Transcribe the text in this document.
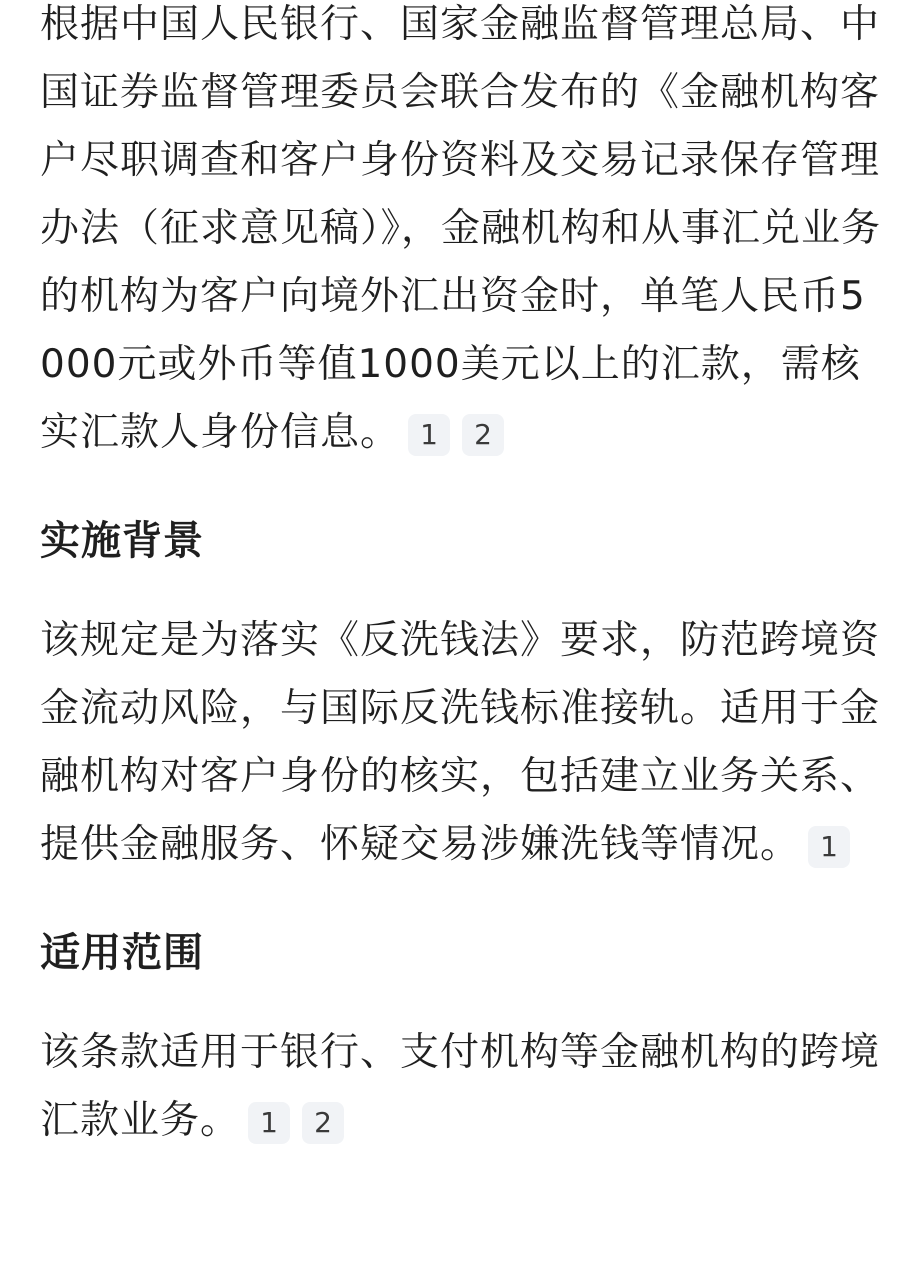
根据中国人民银行、国家金融监督管理总局、中国证券监督管理委员会联合发布的《金融机构客户尽职调查和客户身份资料及交易记录保存管理办法（征求意见稿）》，金融机构和从事汇兑业务的机构为客户向境外汇出资金时，单笔人民币5000元或外币等值1000美元以上的汇款，需核实汇款人身份信息。 1 2

实施背景

该规定是为落实《反洗钱法》要求，防范跨境资金流动风险，与国际反洗钱标准接轨。适用于金融机构对客户身份的核实，包括建立业务关系、提供金融服务、怀疑交易涉嫌洗钱等情况。 1

适用范围

该条款适用于银行、支付机构等金融机构的跨境汇款业务。 1 2
